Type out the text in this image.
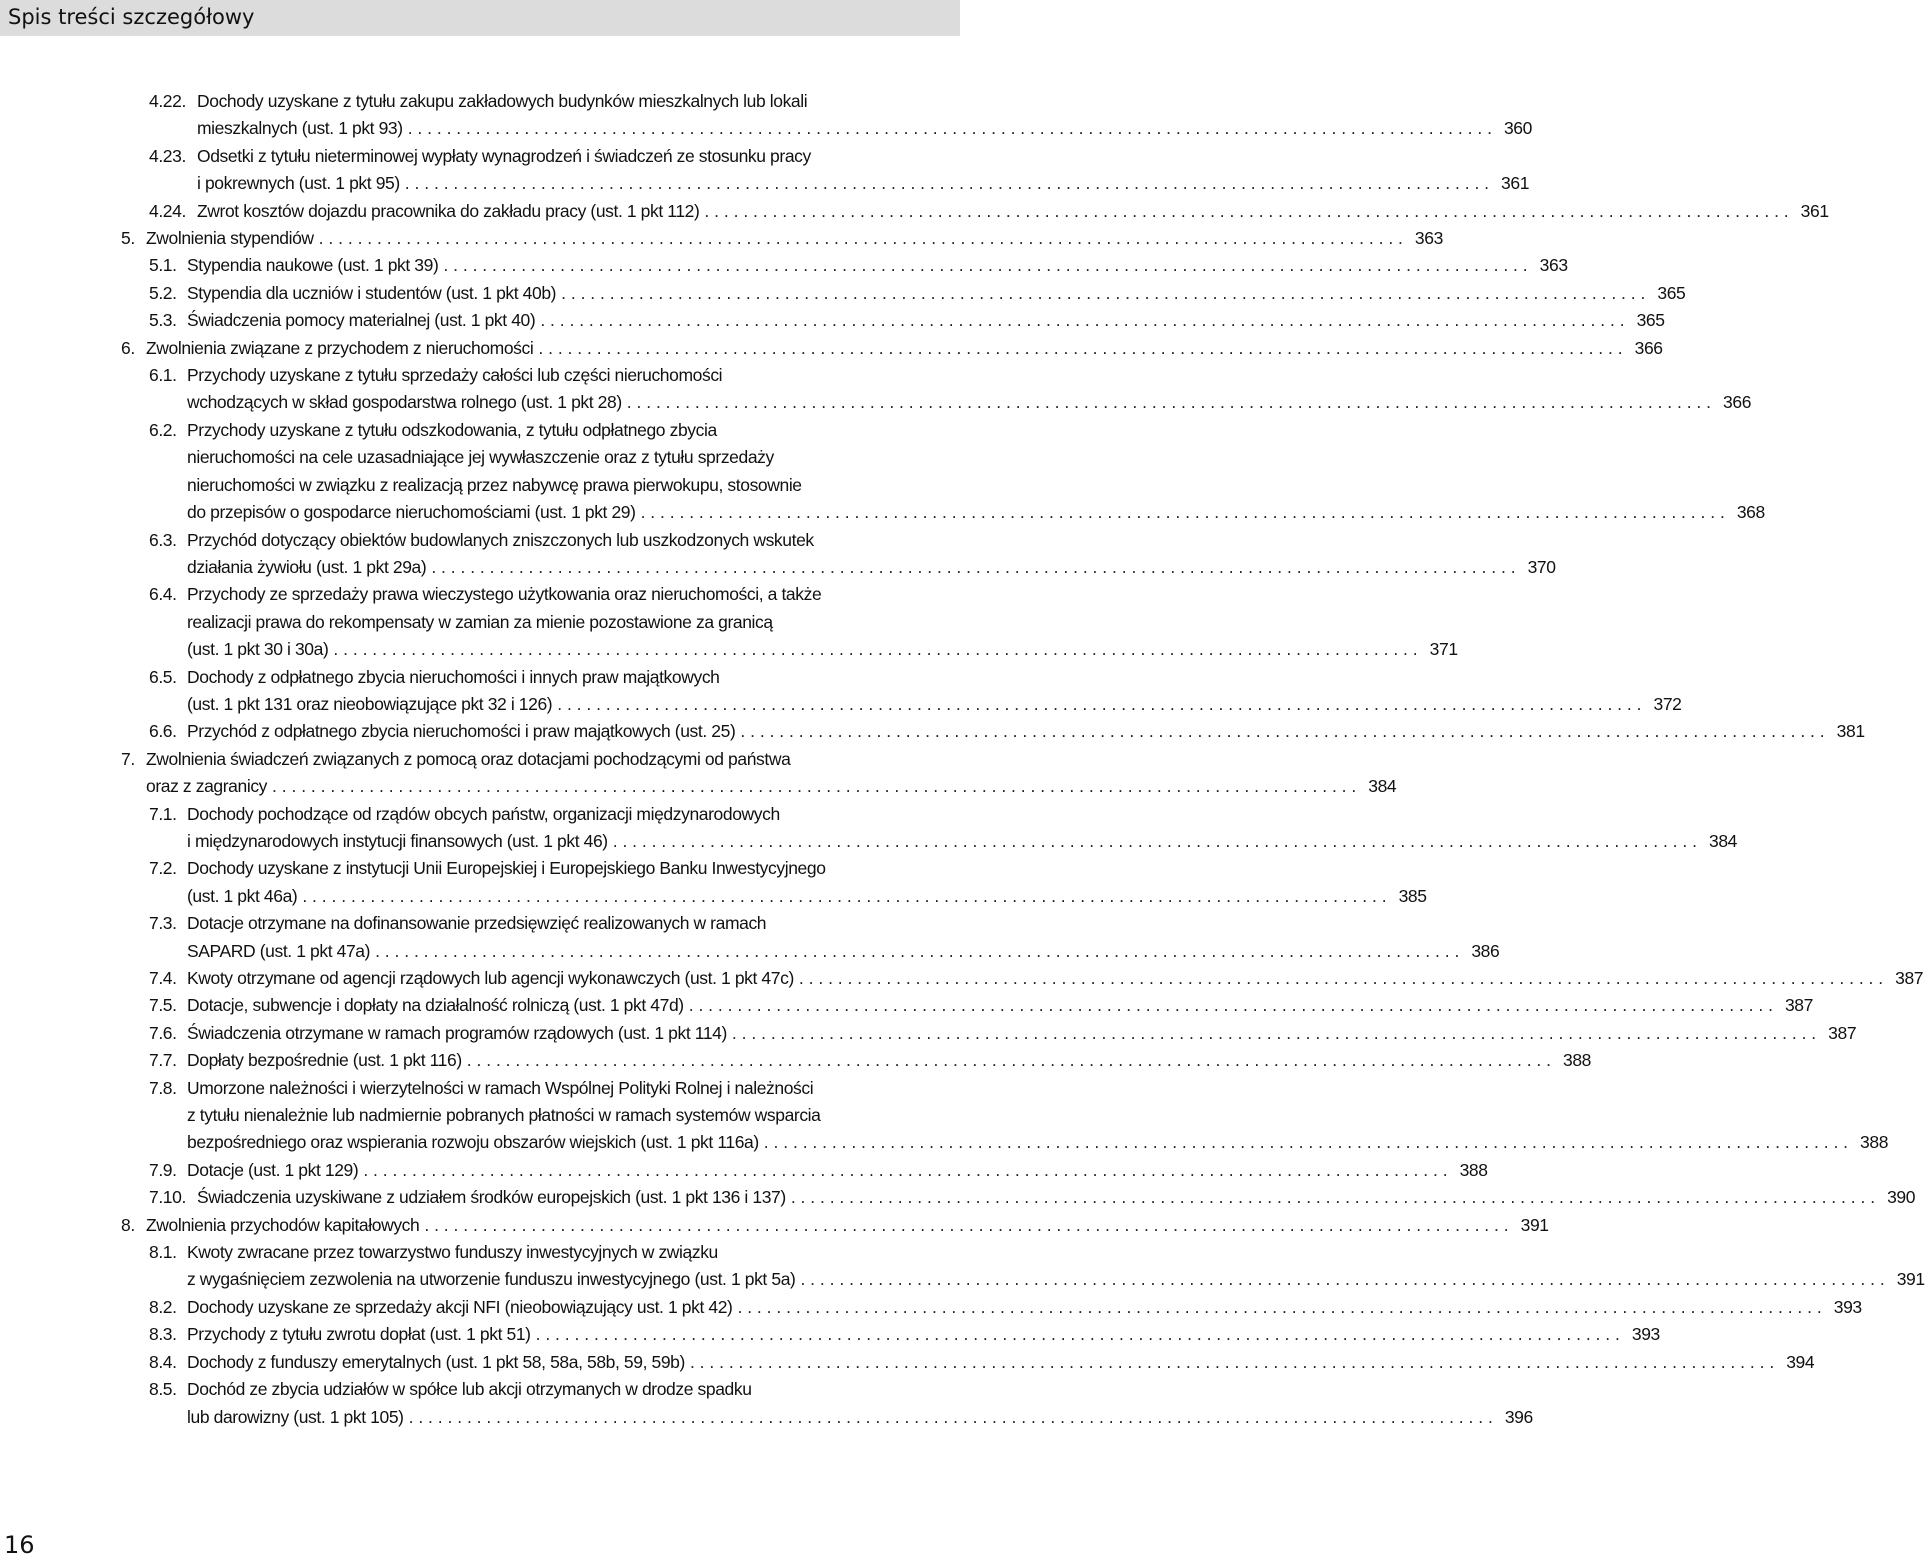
Spis treści szczegółowy
4.22. Dochody uzyskane z tytułu zakupu zakładowych budynków mieszkalnych lub lokali
mieszkalnych (ust. 1 pkt 93) . . .	360
4.23. Odsetki z tytułu nieterminowej wypłaty wynagrodzeń i świadczeń ze stosunku pracy
i pokrewnych (ust. 1 pkt 95) . . .	361
4.24. Zwrot kosztów dojazdu pracownika do zakładu pracy (ust. 1 pkt 112) . . .	361
5. Zwolnienia stypendiów . . .	363
5.1. Stypendia naukowe (ust. 1 pkt 39) . . .	363
5.2. Stypendia dla uczniów i studentów (ust. 1 pkt 40b) . . .	365
5.3. Świadczenia pomocy materialnej (ust. 1 pkt 40) . . .	365
6. Zwolnienia związane z przychodem z nieruchomości . . .	366
6.1. Przychody uzyskane z tytułu sprzedaży całości lub części nieruchomości
wchodzących w skład gospodarstwa rolnego (ust. 1 pkt 28) . . .	366
6.2. Przychody uzyskane z tytułu odszkodowania, z tytułu odpłatnego zbycia
nieruchomości na cele uzasadniające jej wywłaszczenie oraz z tytułu sprzedaży
nieruchomości w związku z realizacją przez nabywcę prawa pierwokupu, stosownie
do przepisów o gospodarce nieruchomościami (ust. 1 pkt 29) . . .	368
6.3. Przychód dotyczący obiektów budowlanych zniszczonych lub uszkodzonych wskutek
działania żywiołu (ust. 1 pkt 29a) . . .	370
6.4. Przychody ze sprzedaży prawa wieczystego użytkowania oraz nieruchomości, a także
realizacji prawa do rekompensaty w zamian za mienie pozostawione za granicą
(ust. 1 pkt 30 i 30a) . . .	371
6.5. Dochody z odpłatnego zbycia nieruchomości i innych praw majątkowych
(ust. 1 pkt 131 oraz nieobowiązujące pkt 32 i 126) . . .	372
6.6. Przychód z odpłatnego zbycia nieruchomości i praw majątkowych (ust. 25) . . .	381
7. Zwolnienia świadczeń związanych z pomocą oraz dotacjami pochodzącymi od państwa
oraz z zagranicy . . .	384
7.1. Dochody pochodzące od rządów obcych państw, organizacji międzynarodowych
i międzynarodowych instytucji finansowych (ust. 1 pkt 46) . . .	384
7.2. Dochody uzyskane z instytucji Unii Europejskiej i Europejskiego Banku Inwestycyjnego
(ust. 1 pkt 46a) . . .	385
7.3. Dotacje otrzymane na dofinansowanie przedsięwzięć realizowanych w ramach
SAPARD (ust. 1 pkt 47a) . . .	386
7.4. Kwoty otrzymane od agencji rządowych lub agencji wykonawczych (ust. 1 pkt 47c) . . .	387
7.5. Dotacje, subwencje i dopłaty na działalność rolniczą (ust. 1 pkt 47d) . . .	387
7.6. Świadczenia otrzymane w ramach programów rządowych (ust. 1 pkt 114) . . .	387
7.7. Dopłaty bezpośrednie (ust. 1 pkt 116) . . .	388
7.8. Umorzone należności i wierzytelności w ramach Wspólnej Polityki Rolnej i należności
z tytułu nienależnie lub nadmiernie pobranych płatności w ramach systemów wsparcia
bezpośredniego oraz wspierania rozwoju obszarów wiejskich (ust. 1 pkt 116a) . . .	388
7.9. Dotacje (ust. 1 pkt 129) . . .	388
7.10. Świadczenia uzyskiwane z udziałem środków europejskich (ust. 1 pkt 136 i 137) . . .	390
8. Zwolnienia przychodów kapitałowych . . .	391
8.1. Kwoty zwracane przez towarzystwo funduszy inwestycyjnych w związku
z wygaśnięciem zezwolenia na utworzenie funduszu inwestycyjnego (ust. 1 pkt 5a) . . .	391
8.2. Dochody uzyskane ze sprzedaży akcji NFI (nieobowiązujący ust. 1 pkt 42) . . .	393
8.3. Przychody z tytułu zwrotu dopłat (ust. 1 pkt 51) . . .	393
8.4. Dochody z funduszy emerytalnych (ust. 1 pkt 58, 58a, 58b, 59, 59b) . . .	394
8.5. Dochód ze zbycia udziałów w spółce lub akcji otrzymanych w drodze spadku
lub darowizny (ust. 1 pkt 105) . . .	396
16
